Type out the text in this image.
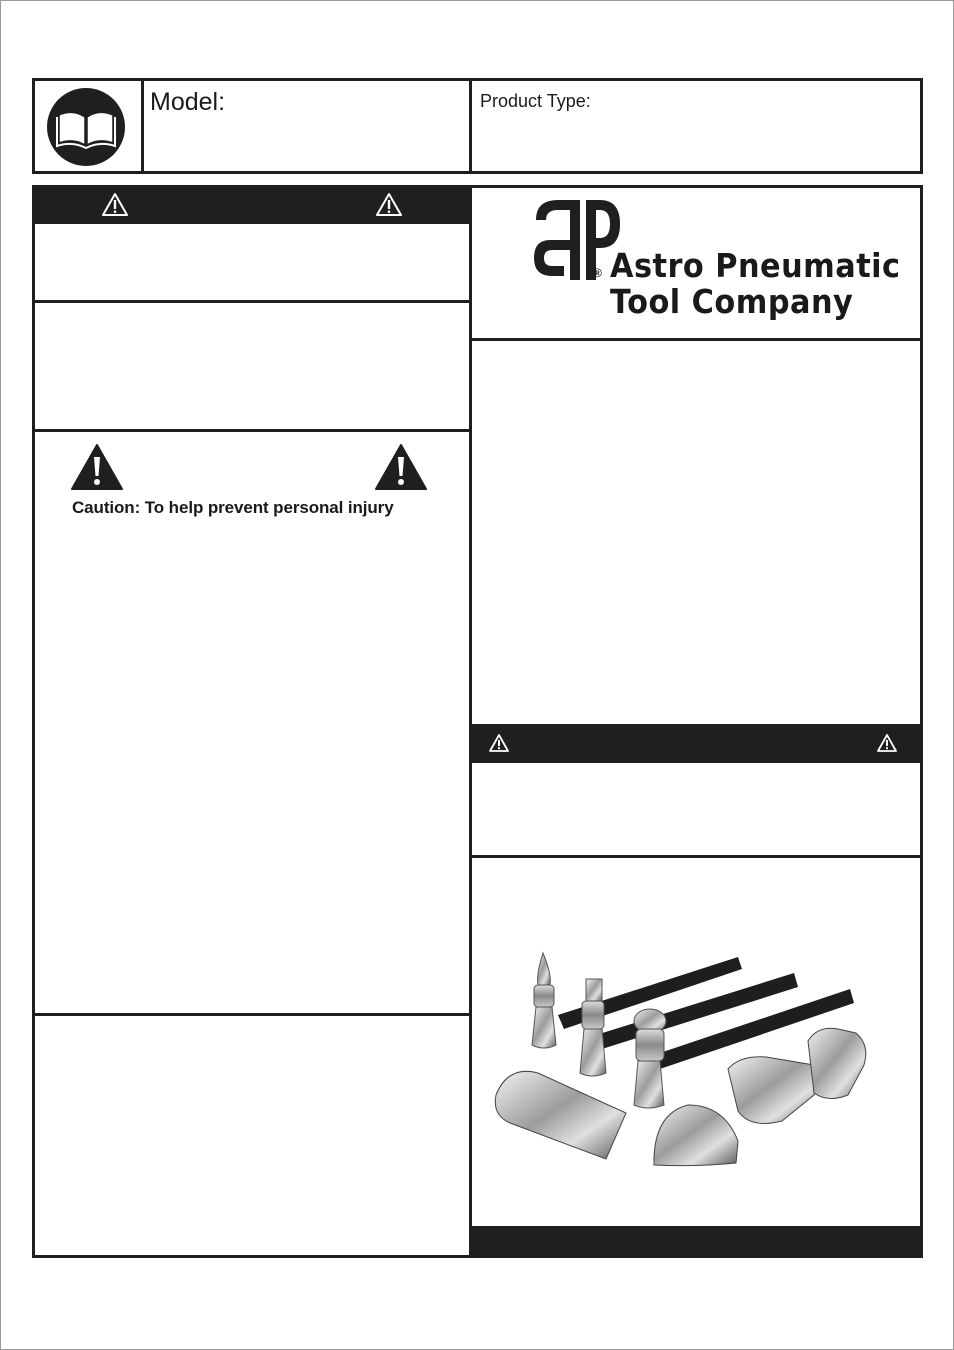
Model:	Product Type:
Caution: To help prevent personal injury
® Astro Pneumatic
Tool Company
